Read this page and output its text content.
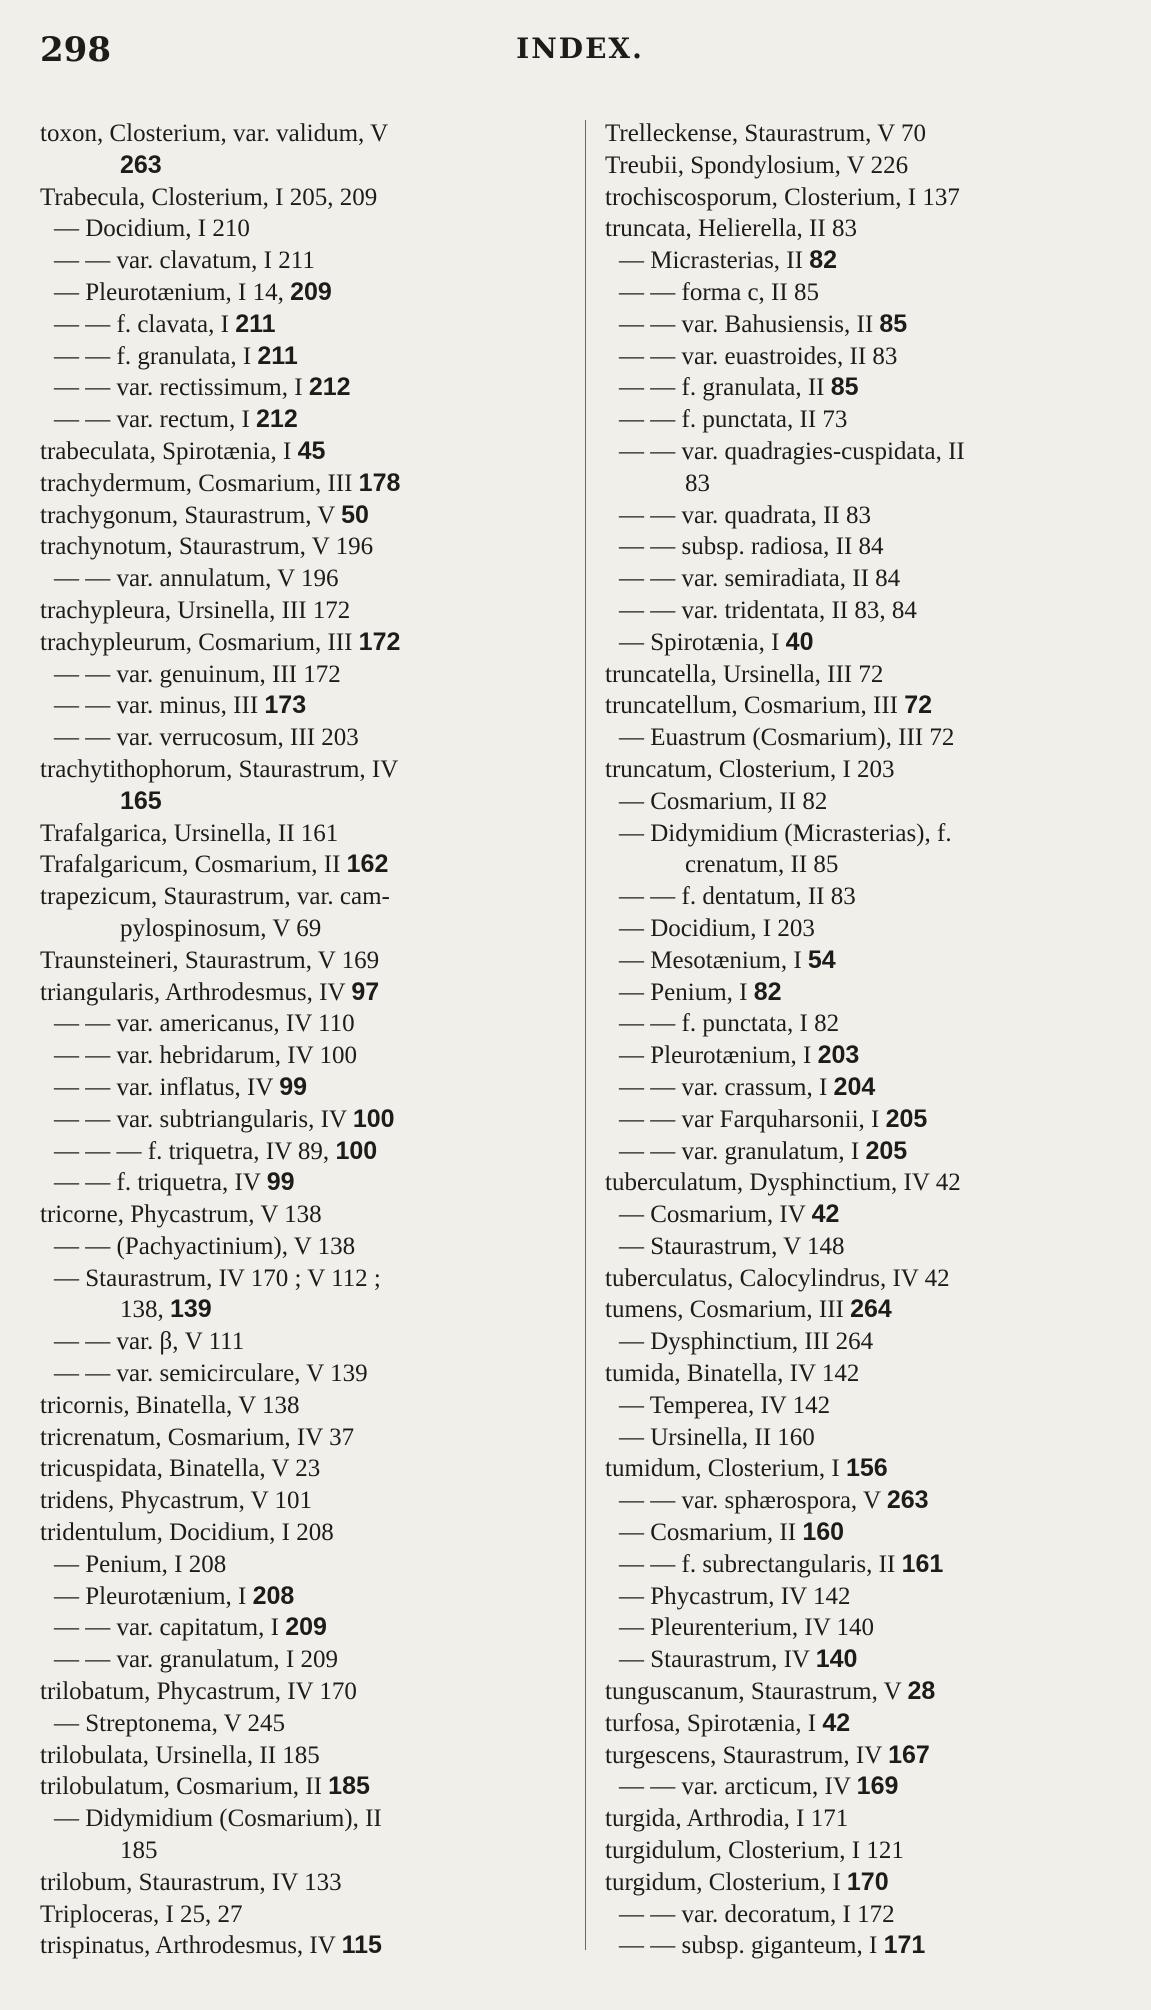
298	INDEX.
toxon, Closterium, var. validum, V
263
Trabecula, Closterium, I 205, 209
— Docidium, I 210
— — var. clavatum, I 211
— Pleurotænium, I 14, 209
— — f. clavata, I 211
— — f. granulata, I 211
— — var. rectissimum, I 212
— — var. rectum, I 212
trabeculata, Spirotænia, I 45
trachydermum, Cosmarium, III 178
trachygonum, Staurastrum, V 50
trachynotum, Staurastrum, V 196
— — var. annulatum, V 196
trachypleura, Ursinella, III 172
trachypleurum, Cosmarium, III 172
— — var. genuinum, III 172
— — var. minus, III 173
— — var. verrucosum, III 203
trachytithophorum, Staurastrum, IV
165
Trafalgarica, Ursinella, II 161
Trafalgaricum, Cosmarium, II 162
trapezicum, Staurastrum, var. cam-
pylospinosum, V 69
Traunsteineri, Staurastrum, V 169
triangularis, Arthrodesmus, IV 97
— — var. americanus, IV 110
— — var. hebridarum, IV 100
— — var. inflatus, IV 99
— — var. subtriangularis, IV 100
— — — f. triquetra, IV 89, 100
— — f. triquetra, IV 99
tricorne, Phycastrum, V 138
— — (Pachyactinium), V 138
— Staurastrum, IV 170 ; V 112 ;
138, 139
— — var. β, V 111
— — var. semicirculare, V 139
tricornis, Binatella, V 138
tricrenatum, Cosmarium, IV 37
tricuspidata, Binatella, V 23
tridens, Phycastrum, V 101
tridentulum, Docidium, I 208
— Penium, I 208
— Pleurotænium, I 208
— — var. capitatum, I 209
— — var. granulatum, I 209
trilobatum, Phycastrum, IV 170
— Streptonema, V 245
trilobulata, Ursinella, II 185
trilobulatum, Cosmarium, II 185
— Didymidium (Cosmarium), II
185
trilobum, Staurastrum, IV 133
Triploceras, I 25, 27
trispinatus, Arthrodesmus, IV 115
Trelleckense, Staurastrum, V 70
Treubii, Spondylosium, V 226
trochiscosporum, Closterium, I 137
truncata, Helierella, II 83
— Micrasterias, II 82
— — forma c, II 85
— — var. Bahusiensis, II 85
— — var. euastroides, II 83
— — f. granulata, II 85
— — f. punctata, II 73
— — var. quadragies-cuspidata, II
83
— — var. quadrata, II 83
— — subsp. radiosa, II 84
— — var. semiradiata, II 84
— — var. tridentata, II 83, 84
— Spirotænia, I 40
truncatella, Ursinella, III 72
truncatellum, Cosmarium, III 72
— Euastrum (Cosmarium), III 72
truncatum, Closterium, I 203
— Cosmarium, II 82
— Didymidium (Micrasterias), f.
crenatum, II 85
— — f. dentatum, II 83
— Docidium, I 203
— Mesotænium, I 54
— Penium, I 82
— — f. punctata, I 82
— Pleurotænium, I 203
— — var. crassum, I 204
— — var Farquharsonii, I 205
— — var. granulatum, I 205
tuberculatum, Dysphinctium, IV 42
— Cosmarium, IV 42
— Staurastrum, V 148
tuberculatus, Calocylindrus, IV 42
tumens, Cosmarium, III 264
— Dysphinctium, III 264
tumida, Binatella, IV 142
— Temperea, IV 142
— Ursinella, II 160
tumidum, Closterium, I 156
— — var. sphærospora, V 263
— Cosmarium, II 160
— — f. subrectangularis, II 161
— Phycastrum, IV 142
— Pleurenterium, IV 140
— Staurastrum, IV 140
tunguscanum, Staurastrum, V 28
turfosa, Spirotænia, I 42
turgescens, Staurastrum, IV 167
— — var. arcticum, IV 169
turgida, Arthrodia, I 171
turgidulum, Closterium, I 121
turgidum, Closterium, I 170
— — var. decoratum, I 172
— — subsp. giganteum, I 171
